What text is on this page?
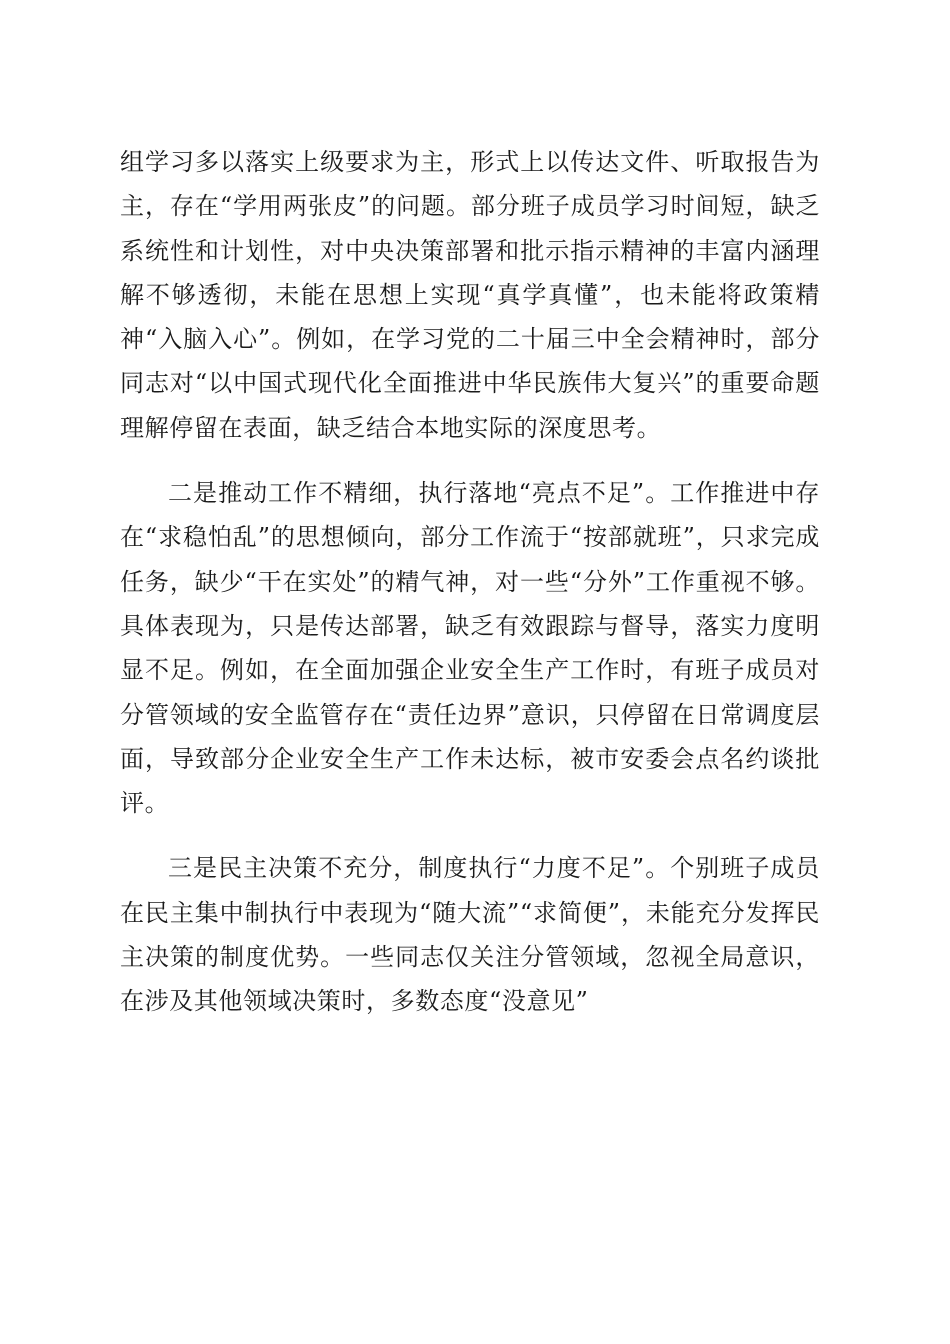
组学习多以落实上级要求为主，形式上以传达文件、听取报告为主，存在“学用两张皮”的问题。部分班子成员学习时间短，缺乏系统性和计划性，对中央决策部署和批示指示精神的丰富内涵理解不够透彻，未能在思想上实现“真学真懂”，也未能将政策精神“入脑入心”。例如，在学习党的二十届三中全会精神时，部分同志对“以中国式现代化全面推进中华民族伟大复兴”的重要命题理解停留在表面，缺乏结合本地实际的深度思考。

二是推动工作不精细，执行落地“亮点不足”。工作推进中存在“求稳怕乱”的思想倾向，部分工作流于“按部就班”，只求完成任务，缺少“干在实处”的精气神，对一些“分外”工作重视不够。具体表现为，只是传达部署，缺乏有效跟踪与督导，落实力度明显不足。例如，在全面加强企业安全生产工作时，有班子成员对分管领域的安全监管存在“责任边界”意识，只停留在日常调度层面，导致部分企业安全生产工作未达标，被市安委会点名约谈批评。

三是民主决策不充分，制度执行“力度不足”。个别班子成员在民主集中制执行中表现为“随大流”“求简便”，未能充分发挥民主决策的制度优势。一些同志仅关注分管领域，忽视全局意识，在涉及其他领域决策时，多数态度“没意见”
